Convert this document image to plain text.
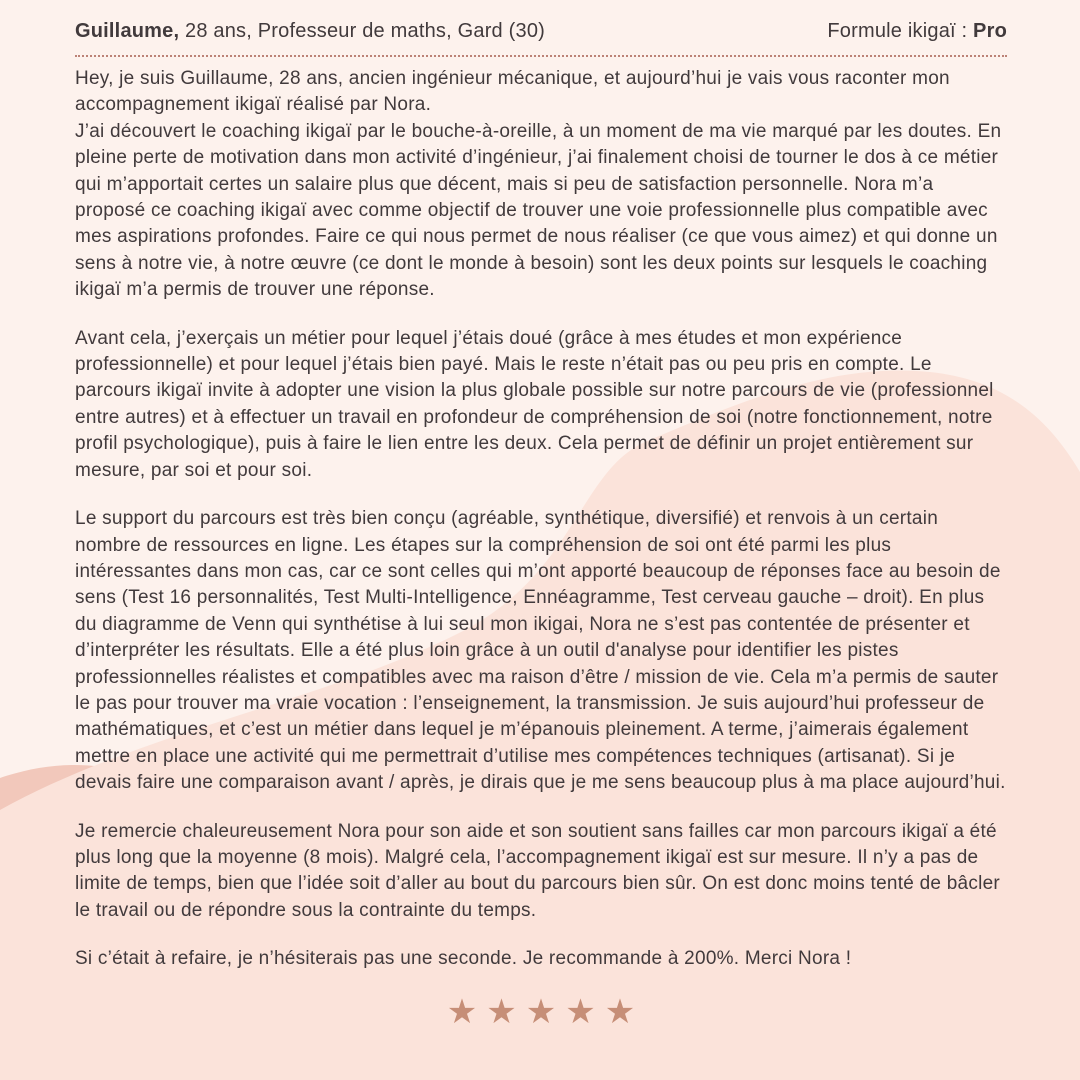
Guillaume, 28 ans, Professeur de maths, Gard (30)	Formule ikigaï : Pro

Hey, je suis Guillaume, 28 ans, ancien ingénieur mécanique, et aujourd’hui je vais vous raconter mon accompagnement ikigaï réalisé par Nora.
J’ai découvert le coaching ikigaï par le bouche-à-oreille, à un moment de ma vie marqué par les doutes. En pleine perte de motivation dans mon activité d’ingénieur, j’ai finalement choisi de tourner le dos à ce métier qui m’apportait certes un salaire plus que décent, mais si peu de satisfaction personnelle. Nora m’a proposé ce coaching ikigaï avec comme objectif de trouver une voie professionnelle plus compatible avec mes aspirations profondes. Faire ce qui nous permet de nous réaliser (ce que vous aimez) et qui donne un sens à notre vie, à notre œuvre (ce dont le monde à besoin) sont les deux points sur lesquels le coaching ikigaï m’a permis de trouver une réponse.

Avant cela, j’exerçais un métier pour lequel j’étais doué (grâce à mes études et mon expérience professionnelle) et pour lequel j’étais bien payé. Mais le reste n’était pas ou peu pris en compte. Le parcours ikigaï invite à adopter une vision la plus globale possible sur notre parcours de vie (professionnel entre autres) et à effectuer un travail en profondeur de compréhension de soi (notre fonctionnement, notre profil psychologique), puis à faire le lien entre les deux. Cela permet de définir un projet entièrement sur mesure, par soi et pour soi.

Le support du parcours est très bien conçu (agréable, synthétique, diversifié) et renvois à un certain nombre de ressources en ligne. Les étapes sur la compréhension de soi ont été parmi les plus intéressantes dans mon cas, car ce sont celles qui m’ont apporté beaucoup de réponses face au besoin de sens (Test 16 personnalités, Test Multi-Intelligence, Ennéagramme, Test cerveau gauche – droit). En plus du diagramme de Venn qui synthétise à lui seul mon ikigai, Nora ne s’est pas contentée de présenter et d’interpréter les résultats. Elle a été plus loin grâce à un outil d'analyse pour identifier les pistes professionnelles réalistes et compatibles avec ma raison d’être / mission de vie. Cela m’a permis de sauter le pas pour trouver ma vraie vocation : l’enseignement, la transmission. Je suis aujourd’hui professeur de mathématiques, et c’est un métier dans lequel je m’épanouis pleinement. A terme, j’aimerais également mettre en place une activité qui me permettrait d’utilise mes compétences techniques (artisanat). Si je devais faire une comparaison avant / après, je dirais que je me sens beaucoup plus à ma place aujourd’hui.

Je remercie chaleureusement Nora pour son aide et son soutient sans failles car mon parcours ikigaï a été plus long que la moyenne (8 mois). Malgré cela, l’accompagnement ikigaï est sur mesure. Il n’y a pas de limite de temps, bien que l’idée soit d’aller au bout du parcours bien sûr. On est donc moins tenté de bâcler le travail ou de répondre sous la contrainte du temps.

Si c’était à refaire, je n’hésiterais pas une seconde. Je recommande à 200%. Merci Nora !

★★★★★
